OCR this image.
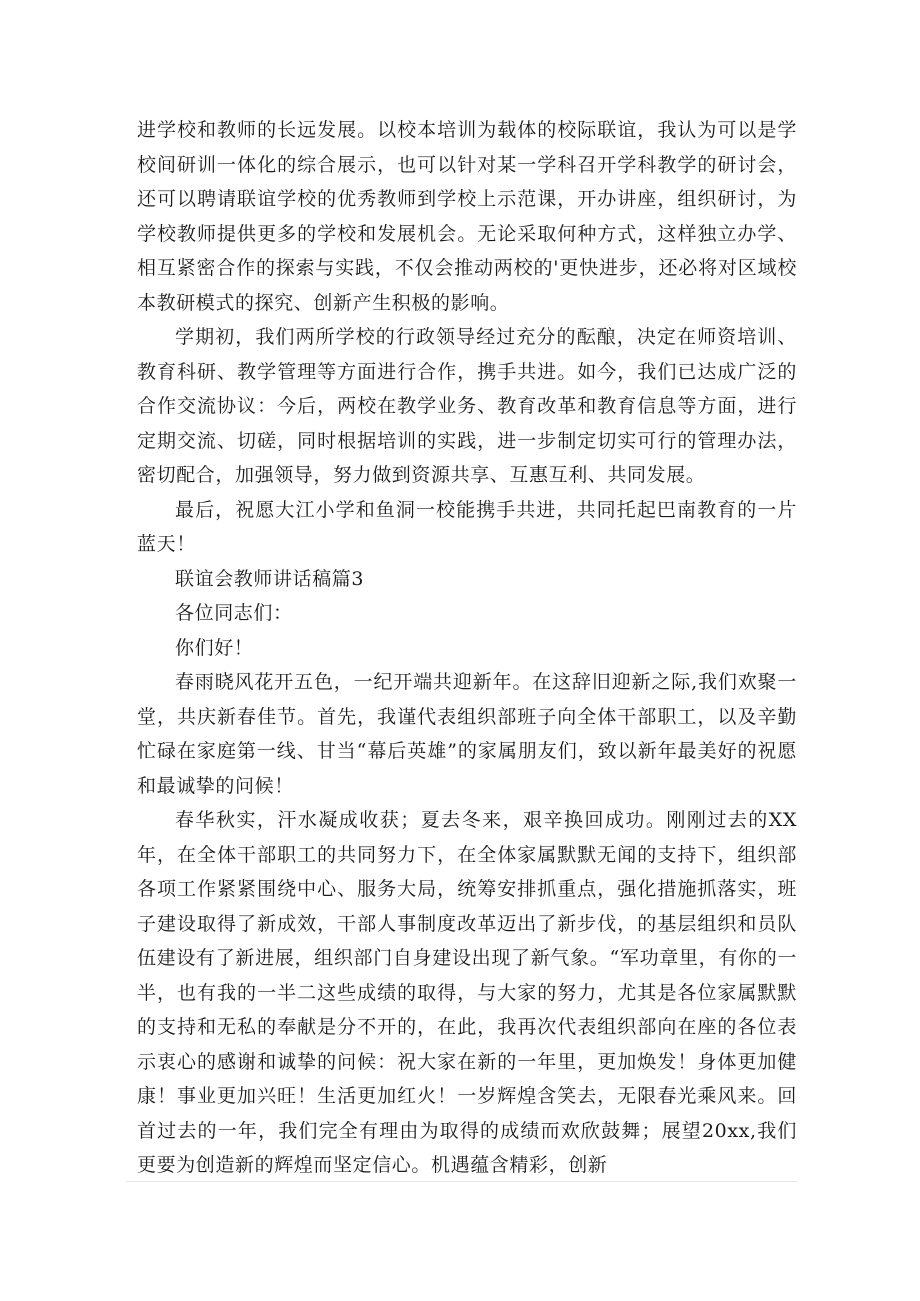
进学校和教师的长远发展。以校本培训为载体的校际联谊，我认为可以是学校间研训一体化的综合展示，也可以针对某一学科召开学科教学的研讨会，还可以聘请联谊学校的优秀教师到学校上示范课，开办讲座，组织研讨，为学校教师提供更多的学校和发展机会。无论采取何种方式，这样独立办学、相互紧密合作的探索与实践，不仅会推动两校的'更快进步，还必将对区域校本教研模式的探究、创新产生积极的影响。

学期初，我们两所学校的行政领导经过充分的酝酿，决定在师资培训、教育科研、教学管理等方面进行合作，携手共进。如今，我们已达成广泛的合作交流协议：今后，两校在教学业务、教育改革和教育信息等方面，进行定期交流、切磋，同时根据培训的实践，进一步制定切实可行的管理办法，密切配合，加强领导，努力做到资源共享、互惠互利、共同发展。

最后，祝愿大江小学和鱼洞一校能携手共进，共同托起巴南教育的一片蓝天！

联谊会教师讲话稿篇3

各位同志们：

你们好！

春雨晓风花开五色，一纪开端共迎新年。在这辞旧迎新之际,我们欢聚一堂，共庆新春佳节。首先，我谨代表组织部班子向全体干部职工，以及辛勤忙碌在家庭第一线、甘当“幕后英雄”的家属朋友们，致以新年最美好的祝愿和最诚挚的问候！

春华秋实，汗水凝成收获；夏去冬来，艰辛换回成功。刚刚过去的XX年，在全体干部职工的共同努力下，在全体家属默默无闻的支持下，组织部各项工作紧紧围绕中心、服务大局，统筹安排抓重点，强化措施抓落实，班子建设取得了新成效，干部人事制度改革迈出了新步伐，的基层组织和员队伍建设有了新进展，组织部门自身建设出现了新气象。“军功章里，有你的一半，也有我的一半二这些成绩的取得，与大家的努力，尤其是各位家属默默的支持和无私的奉献是分不开的，在此，我再次代表组织部向在座的各位表示衷心的感谢和诚挚的问候：祝大家在新的一年里，更加焕发！身体更加健康！事业更加兴旺！生活更加红火！一岁辉煌含笑去，无限春光乘风来。回首过去的一年，我们完全有理由为取得的成绩而欢欣鼓舞；展望20xx,我们更要为创造新的辉煌而坚定信心。机遇蕴含精彩，创新
